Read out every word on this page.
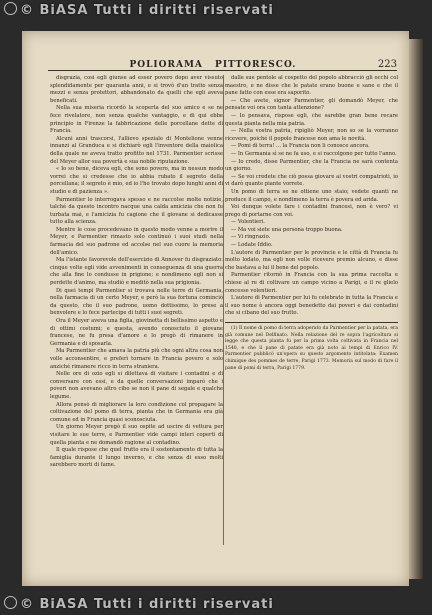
© BiASA Tutti i diritti riservati
POLIORAMA PITTORESCO.	223

disgrazia, così egli giunse ad esser povero dopo aver vissuto splendidamente per quaranta anni, e si trovò d'un tratto senza mezzi e senza protettori, abbandonato da quelli che egli aveva beneficati.

Nella sua miseria ricordò la scoperta del suo amico e se ne fece rivelatore, non senza qualche vantaggio, e di qui ebbe principio in Firenze la fabbricazione delle porcellane dette di Francia.

Alcuni anni trascorsi, l'allievo speziale di Montelione venne innanzi al Granduca e si dichiarò egli l'inventore della maiolica della quale ne aveva tratto profitto nel 1731. Parmentier scrisse del Meyer allor sua povertà e sua nobile riputazione.

« Io so bene, diceva egli, che sono povero, ma in nessun modo vorrei che si credesse che io abbia rubato il segreto della porcellana; il segreto è mio, ed io l'ho trovato dopo lunghi anni di studio e di pazienza ».

Parmentier lo interrogava spesso e ne raccolse molte notizie, talché da questo incontro nacque una calda amicizia che non fu turbata mai, e l'amicizia fu cagione che il giovane si dedicasse tutto alla scienza.

Mentre le cose procedevano in questo modo venne a morire il Meyer, e Parmentier rimasto solo continuò i suoi studi nella farmacia del suo padrone ed accolse nel suo cuore la memoria dell'amico.

Ma l'istante favorevole dell'esercizio di Annover fu disgraziato: cinque volte egli vide avvenimenti in conseguenza di una guerra che alla fine lo condusse in prigione; e nondimeno egli non si perdette d'animo, ma studiò e meditò nella sua prigionia.

Di quei tempi Parmentier si trovava nelle terre di Germania, nella farmacia di un certo Meyer, e però la sua fortuna cominciò da questo, che il suo padrone, uomo dottissimo, lo prese a benvolere e lo fece partecipe di tutti i suoi segreti.

Ora il Meyer aveva una figlia, giovinetta di bellissimo aspetto e di ottimi costumi; e questa, avendo conosciuto il giovane francese, ne fu presa d'amore e lo pregò di rimanere in Germania e di sposarla.

Ma Parmentier che amava la patria più che ogni altra cosa non volle acconsentire, e preferì tornare in Francia povero e solo anziché rimanere ricco in terra straniera.

Nelle ore di ozio egli si dilettava di visitare i contadini e di conversare con essi, e da quelle conversazioni imparò che i poveri non avevano altro cibo se non il pane di segale e qualche legume.

Allora pensò di migliorare la loro condizione col propagare la coltivazione del pomo di terra, pianta che in Germania era già comune ed in Francia quasi sconosciuta.

Un giorno Meyer pregò il suo ospite ad uscire di vettura per visitare le sue terre, e Parmentier vide campi interi coperti di quella pianta e ne domandò ragione al contadino.

Il quale rispose che quel frutto era il sostentamento di tutta la famiglia durante il lungo inverno, e che senza di esso molti sarebbero morti di fame.

dalle sue pentole al cospetto del popolo abbracciò gli occhi col maestro, e ne disse che le patate erano buone e sane e che il pane fatto con esse era saporito.

— Che avete, signor Parmentier, gli domandò Meyer, che pensate voi ora con tanta attenzione?

— Io pensava, rispose egli, che sarebbe gran bene recare questa pianta nella mia patria.

— Nella vostra patria, ripigliò Meyer, non so se la vorranno ricevere, poiché il popolo francese non ama le novità.

— Pomi di terra! ... la Francia non li conosce ancora.

— In Germania sì se ne fa uso, e si raccolgono per tutto l'anno.

— Io credo, disse Parmentier, che la Francia ne sarà contenta un giorno.

— Se voi credete che ciò possa giovare ai vostri compatrioti, io vi darò quante piante vorrete.

Un pomo di terra se ne ottiene uno staio; vedete quanti ne produce il campo, e nondimeno la terra è povera ed arida.

Voi dunque volete fare i contadini francesi, non è vero? vi prego di portarne con voi.

— Volentieri.

— Ma voi siete una persona troppo buona.

— Vi ringrazio.

— Lodate Iddio.

L'autore di Parmentier per le provincie e le città di Francia fu molto lodato, ma egli non volle ricevere premio alcuno, e disse che bastava a lui il bene del popolo.

Parmentier ritornò in Francia con la sua prima raccolta e chiese al re di coltivare un campo vicino a Parigi, e il re glielo concesse volentieri.

L'autore di Parmentier per lui fu celebrato in tutta la Francia e il suo nome è ancora oggi benedetto dai poveri e dai contadini che si cibano del suo frutto.

(1) Il nome di pomo di terra adoperato da Parmentier per la patata, era già comune nel Delfinato. Nella relazione del re sopra l'agricoltura si legge che questa pianta fu per la prima volta coltivata in Francia nel 1540, e che il pane di patate era già noto ai tempi di Enrico IV. Parmentier pubblicò un'opera su questo argomento intitolata: Examen chimique des pommes de terre, Parigi 1773. Memoria sul modo di fare il pane di pomi di terra, Parigi 1779.

© BiASA Tutti i diritti riservati
